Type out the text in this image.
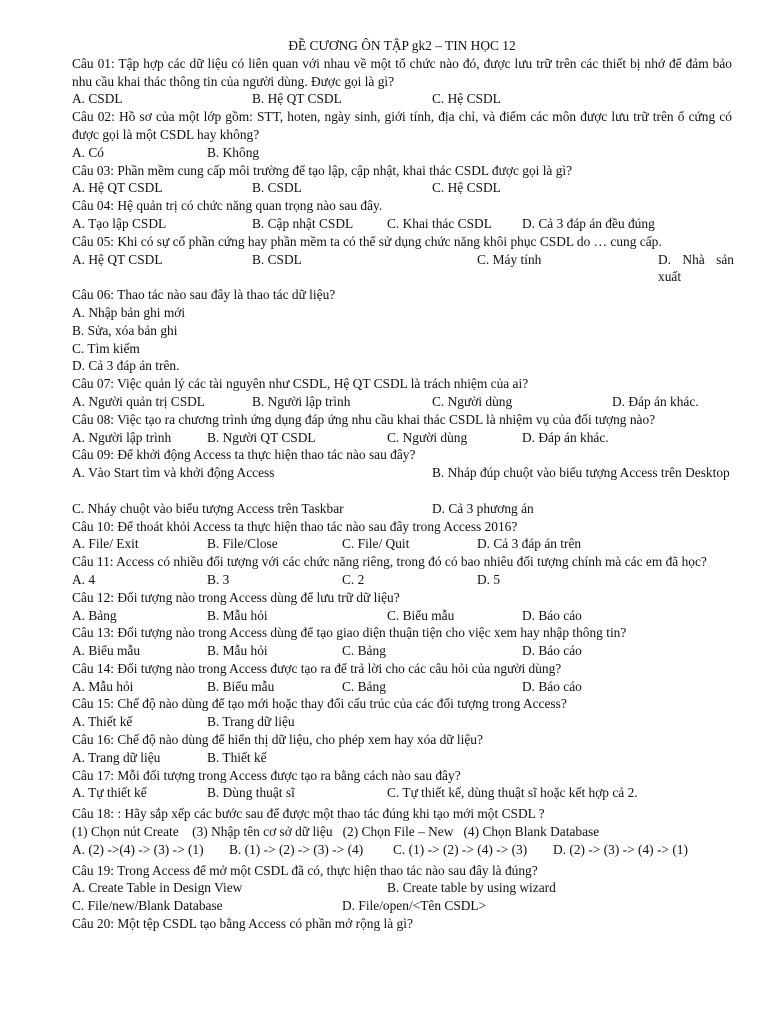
ĐỀ CƯƠNG ÔN TẬP gk2 – TIN HỌC 12
Câu 01: Tập hợp các dữ liệu có liên quan với nhau về một tổ chức nào đó, được lưu trữ trên các thiết bị nhớ để đảm bảo nhu cầu khai thác thông tin của người dùng. Được gọi là gì?
A. CSDL	B. Hệ QT CSDL	C. Hệ CSDL
Câu 02: Hồ sơ của một lớp gồm: STT, hoten, ngày sinh, giới tính, địa chỉ, và điểm các môn được lưu trữ trên ổ cứng có được gọi là một CSDL hay không?
A. Có	B. Không
Câu 03: Phần mềm cung cấp môi trường để tạo lập, cập nhật, khai thác CSDL được gọi là gì?
A. Hệ QT CSDL	B. CSDL	C. Hệ CSDL
Câu 04: Hệ quản trị có chức năng quan trọng nào sau đây.
A. Tạo lập CSDL	B. Cập nhật CSDL	C. Khai thác CSDL D. Cả 3 đáp án đều đúng
Câu 05: Khi có sự cố phần cứng hay phần mềm ta có thể sử dụng chức năng khôi phục CSDL do … cung cấp.
A. Hệ QT CSDL	B. CSDL	C. Máy tính	D. Nhà sản xuất
Câu 06: Thao tác nào sau đây là thao tác dữ liệu?
A. Nhập bản ghi mới
B. Sửa, xóa bản ghi
C. Tìm kiếm
D. Cả 3 đáp án trên.
Câu 07: Việc quản lý các tài nguyên như CSDL, Hệ QT CSDL là trách nhiệm của ai?
A. Người quản trị CSDL	B. Người lập trình	C. Người dùng	D. Đáp án khác.
Câu 08: Việc tạo ra chương trình ứng dụng đáp ứng nhu cầu khai thác CSDL là nhiệm vụ của đối tượng nào?
A. Người lập trình	B. Người QT CSDL	C. Người dùng	D. Đáp án khác.
Câu 09: Để khởi động Access ta thực hiện thao tác nào sau đây?
A. Vào Start tìm và khởi động Access	B. Nháp đúp chuột vào biểu tượng Access trên Desktop
C. Nháy chuột vào biểu tượng Access trên Taskbar	D. Cả 3 phương án
Câu 10: Để thoát khỏi Access ta thực hiện thao tác nào sau đây trong Access 2016?
A. File/ Exit	B. File/Close	C. File/ Quit	D. Cả 3 đáp án trên
Câu 11: Access có nhiều đối tượng với các chức năng riêng, trong đó có bao nhiêu đối tượng chính mà các em đã học?
A. 4	B. 3	C. 2	D. 5
Câu 12: Đối tượng nào trong Access dùng để lưu trữ dữ liệu?
A. Bảng	B. Mẫu hỏi	C. Biểu mẫu	D. Báo cáo
Câu 13: Đối tượng nào trong Access dùng để tạo giao diện thuận tiện cho việc xem hay nhập thông tin?
A. Biểu mẫu	B. Mẫu hỏi	C. Bảng	D. Báo cáo
Câu 14: Đối tượng nào trong Access được tạo ra để trả lời cho các câu hỏi của người dùng?
A. Mẫu hỏi	B. Biểu mẫu	C. Bảng	D. Báo cáo
Câu 15: Chế độ nào dùng để tạo mới hoặc thay đổi cấu trúc của các đối tượng trong Access?
A. Thiết kế	B. Trang dữ liệu
Câu 16: Chế độ nào dùng để hiển thị dữ liệu, cho phép xem hay xóa dữ liệu?
A. Trang dữ liệu	B. Thiết kế
Câu 17: Mỗi đối tượng trong Access được tạo ra bằng cách nào sau đây?
A. Tự thiết kế	B. Dùng thuật sĩ	C. Tự thiết kế, dùng thuật sĩ hoặc kết hợp cả 2.
Câu 18: : Hãy sắp xếp các bước sau để được một thao tác đúng khi tạo mới một CSDL ?
(1) Chọn nút Create    (3) Nhập tên cơ sở dữ liệu   (2) Chọn File – New   (4) Chọn Blank Database
A. (2) ->(4) -> (3) -> (1) B. (1) -> (2) -> (3) -> (4) C. (1) -> (2) -> (4) -> (3) D. (2) -> (3) -> (4) -> (1)
Câu 19: Trong Access để mở một CSDL đã có, thực hiện thao tác nào sau đây là đúng?
A. Create Table in Design View	B. Create table by using wizard
C. File/new/Blank Database	D. File/open/<Tên CSDL>
Câu 20: Một tệp CSDL tạo bằng Access có phần mở rộng là gì?
